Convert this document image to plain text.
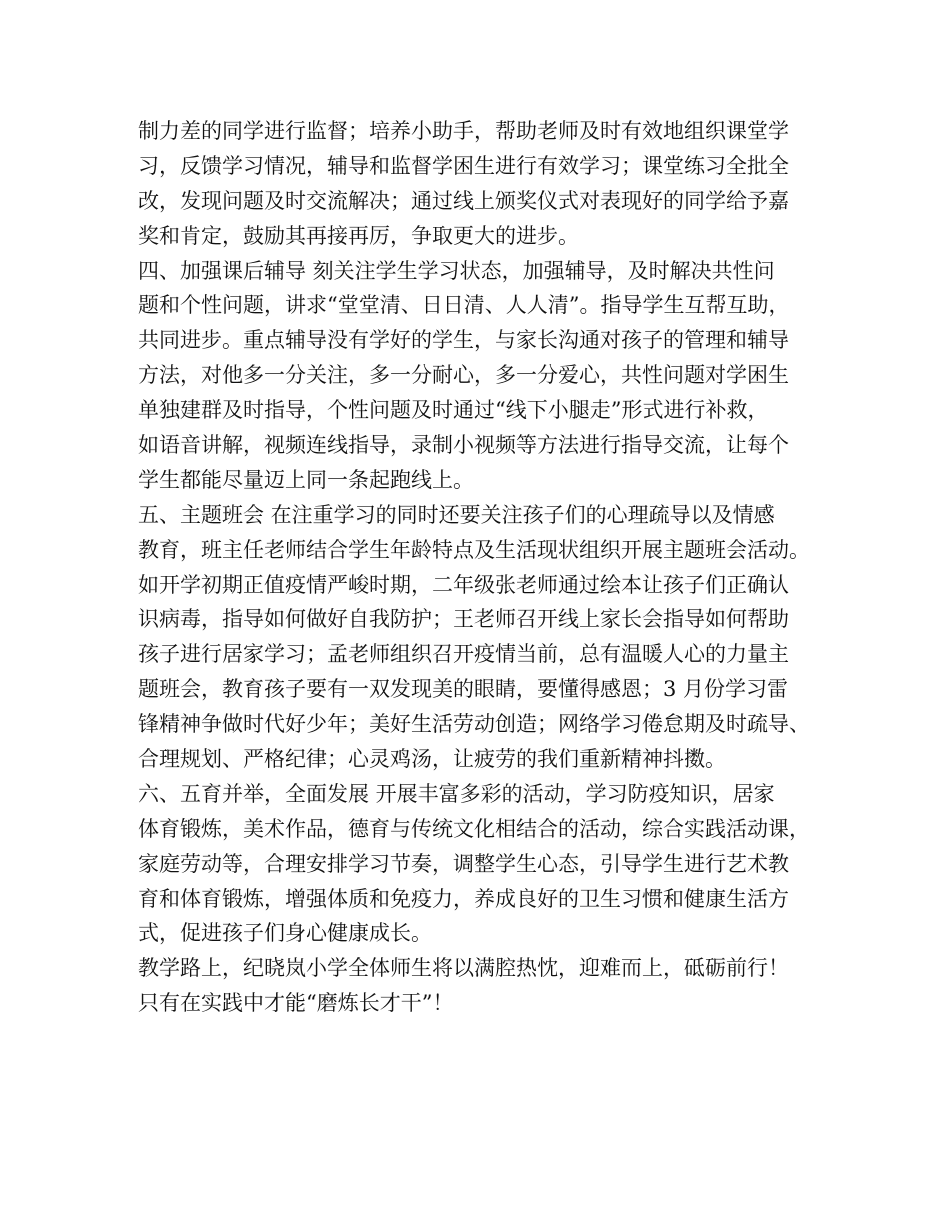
制力差的同学进行监督；培养小助手，帮助老师及时有效地组织课堂学
习，反馈学习情况，辅导和监督学困生进行有效学习；课堂练习全批全
改，发现问题及时交流解决；通过线上颁奖仪式对表现好的同学给予嘉
奖和肯定，鼓励其再接再厉，争取更大的进步。
四、加强课后辅导 刻关注学生学习状态，加强辅导，及时解决共性问
题和个性问题，讲求“堂堂清、日日清、人人清”。指导学生互帮互助，
共同进步。重点辅导没有学好的学生，与家长沟通对孩子的管理和辅导
方法，对他多一分关注，多一分耐心，多一分爱心，共性问题对学困生
单独建群及时指导，个性问题及时通过“线下小腿走”形式进行补救，
如语音讲解，视频连线指导，录制小视频等方法进行指导交流，让每个
学生都能尽量迈上同一条起跑线上。
五、主题班会 在注重学习的同时还要关注孩子们的心理疏导以及情感
教育，班主任老师结合学生年龄特点及生活现状组织开展主题班会活动。
如开学初期正值疫情严峻时期，二年级张老师通过绘本让孩子们正确认
识病毒，指导如何做好自我防护；王老师召开线上家长会指导如何帮助
孩子进行居家学习；孟老师组织召开疫情当前，总有温暖人心的力量主
题班会，教育孩子要有一双发现美的眼睛，要懂得感恩；3 月份学习雷
锋精神争做时代好少年；美好生活劳动创造；网络学习倦怠期及时疏导、
合理规划、严格纪律；心灵鸡汤，让疲劳的我们重新精神抖擞。
六、五育并举，全面发展 开展丰富多彩的活动，学习防疫知识，居家
体育锻炼，美术作品，德育与传统文化相结合的活动，综合实践活动课，
家庭劳动等，合理安排学习节奏，调整学生心态，引导学生进行艺术教
育和体育锻炼，增强体质和免疫力，养成良好的卫生习惯和健康生活方
式，促进孩子们身心健康成长。
教学路上，纪晓岚小学全体师生将以满腔热忱，迎难而上，砥砺前行！
只有在实践中才能“磨炼长才干”！
